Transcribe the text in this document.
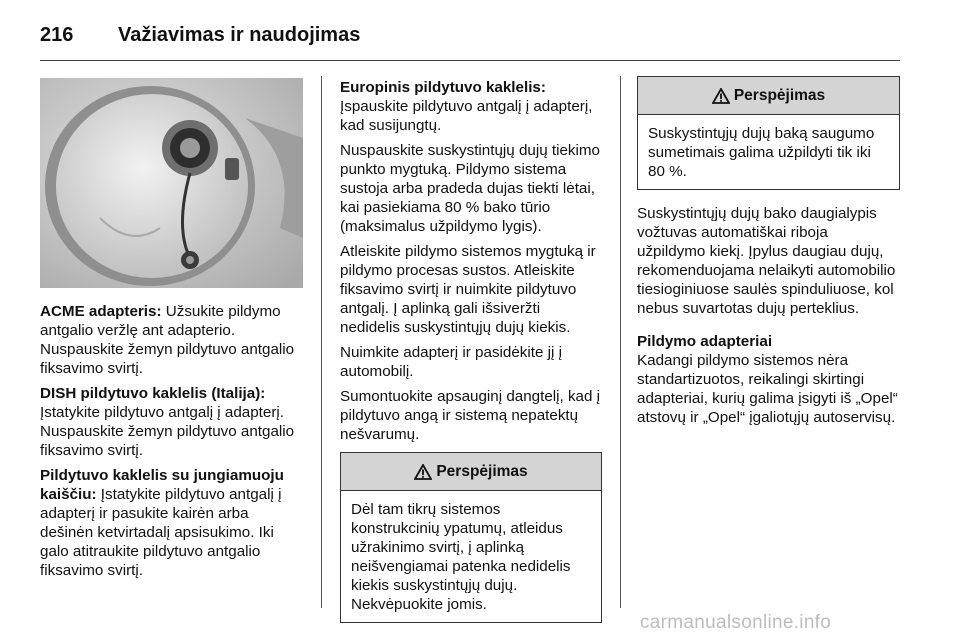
216	Važiavimas ir naudojimas

ACME adapteris: Užsukite pildymo antgalio veržlę ant adapterio. Nuspauskite žemyn pildytuvo antgalio fiksavimo svirtį.

DISH pildytuvo kaklelis (Italija):
Įstatykite pildytuvo antgalį į adapterį. Nuspauskite žemyn pildytuvo antgalio fiksavimo svirtį.

Pildytuvo kaklelis su jungiamuoju kaiščiu: Įstatykite pildytuvo antgalį į adapterį ir pasukite kairėn arba dešinėn ketvirtadalį apsisukimo. Iki galo atitraukite pildytuvo antgalio fiksavimo svirtį.

Europinis pildytuvo kaklelis:
Įspauskite pildytuvo antgalį į adapterį, kad susijungtų.

Nuspauskite suskystintųjų dujų tiekimo punkto mygtuką. Pildymo sistema sustoja arba pradeda dujas tiekti lėtai, kai pasiekiama 80 % bako tūrio (maksimalus užpildymo lygis).

Atleiskite pildymo sistemos mygtuką ir pildymo procesas sustos. Atleiskite fiksavimo svirtį ir nuimkite pildytuvo antgalį. Į aplinką gali išsiveržti nedidelis suskystintųjų dujų kiekis.

Nuimkite adapterį ir pasidėkite jį į automobilį.

Sumontuokite apsauginį dangtelį, kad į pildytuvo angą ir sistemą nepatektų nešvarumų.

Perspėjimas
Dėl tam tikrų sistemos konstrukcinių ypatumų, atleidus užrakinimo svirtį, į aplinką neišvengiamai patenka nedidelis kiekis suskystintųjų dujų. Nekvėpuokite jomis.
Perspėjimas
Suskystintųjų dujų baką saugumo sumetimais galima užpildyti tik iki 80 %.

Suskystintųjų dujų bako daugialypis vožtuvas automatiškai riboja užpildymo kiekį. Įpylus daugiau dujų, rekomenduojama nelaikyti automobilio tiesioginiuose saulės spinduliuose, kol nebus suvartotas dujų perteklius.

Pildymo adapteriai
Kadangi pildymo sistemos nėra standartizuotos, reikalingi skirtingi adapteriai, kurių galima įsigyti iš „Opel“ atstovų ir „Opel“ įgaliotųjų autoservisų.

carmanualsonline.info
